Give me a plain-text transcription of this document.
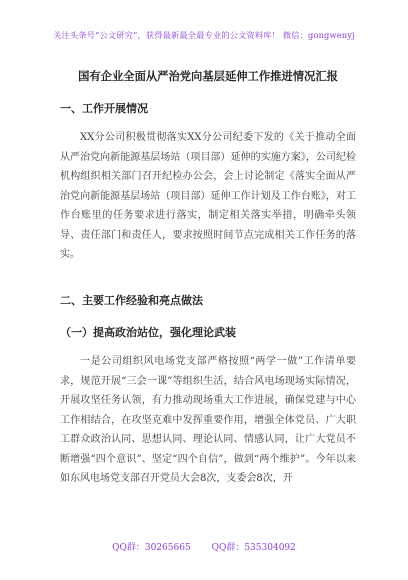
关注头条号“公文研究”，获得最新最全最专业的公文资料库！ 微信：gongwenyj
国有企业全面从严治党向基层延伸工作推进情况汇报
一、工作开展情况
XX分公司积极贯彻落实XX分公司纪委下发的《关于推动全面从严治党向新能源基层场站（项目部）延伸的实施方案》，公司纪检机构组织相关部门召开纪检办公会，会上讨论制定《落实全面从严治党向新能源基层场站（项目部）延伸工作计划及工作台账》，对工作台账里的任务要求进行落实，制定相关落实举措，明确牵头领导、责任部门和责任人，要求按照时间节点完成相关工作任务的落实。
二、主要工作经验和亮点做法
（一）提高政治站位，强化理论武装
一是公司组织风电场党支部严格按照“两学一做”工作清单要求，规范开展“三会一课”等组织生活，结合风电场现场实际情况，开展攻坚任务认领，有力推动现场重大工作进展，确保党建与中心工作相结合，在攻坚克难中发挥重要作用，增强全体党员、广大职工群众政治认同、思想认同、理论认同、情感认同，让广大党员不断增强“四个意识”、坚定“四个自信”，做到“两个维护”。今年以来如东风电场党支部召开党员大会8次，支委会8次，开
QQ群：30265665 QQ群：535304092
